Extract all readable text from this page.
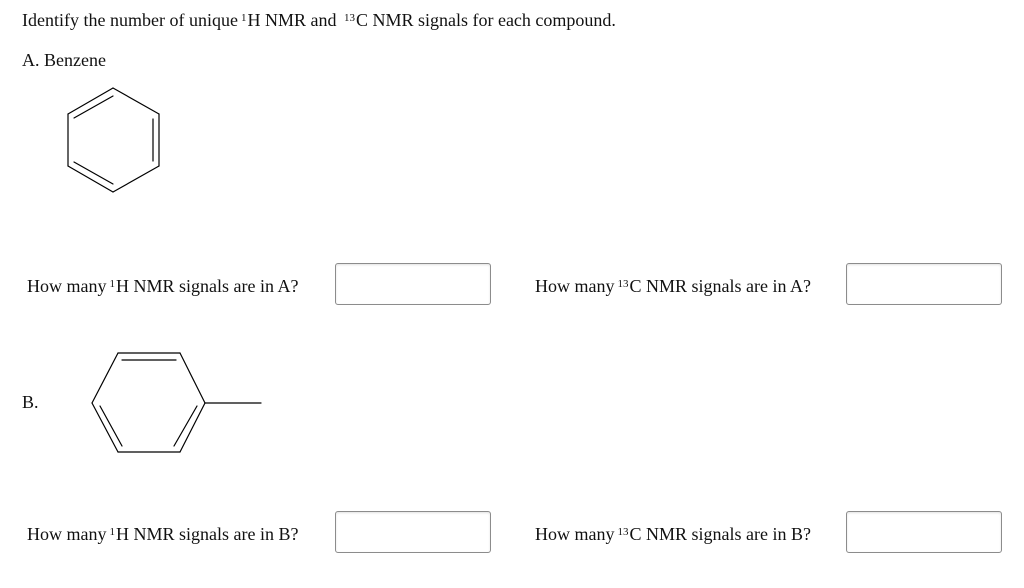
Identify the number of unique $^1$H NMR and $^{13}$C NMR signals for each compound.
A. Benzene
How many $^1$H NMR signals are in A?	How many $^{13}$C NMR signals are in A?
B.
How many $^1$H NMR signals are in B?	How many $^{13}$C NMR signals are in B?
